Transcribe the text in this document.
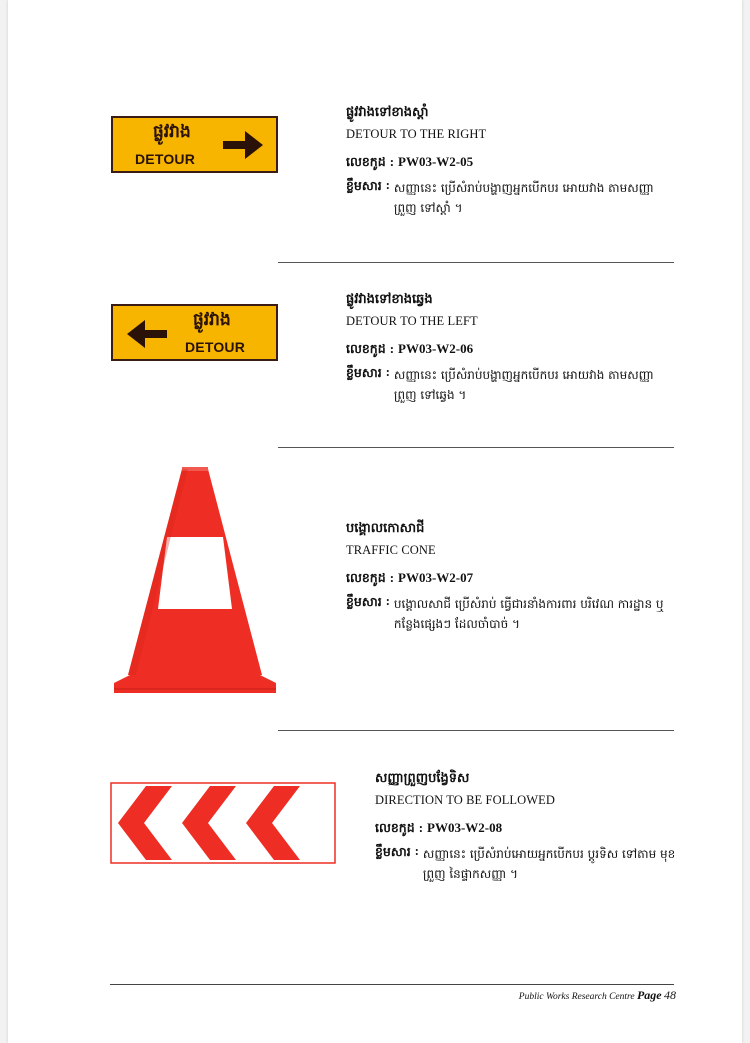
ផ្លូវវាង
DETOUR
ផ្លូវវាងទៅខាងស្តាំ
DETOUR TO THE RIGHT
លេខកូដ : PW03-W2-05
ខ្លឹមសារ : សញ្ញានេះ ប្រើសំរាប់បង្ហាញអ្នកបើកបរ អោយវាង តាមសញ្ញាព្រួញ ទៅស្តាំ ។
ផ្លូវវាង
DETOUR
ផ្លូវវាងទៅខាងឆ្វេង
DETOUR TO THE LEFT
លេខកូដ : PW03-W2-06
ខ្លឹមសារ : សញ្ញានេះ ប្រើសំរាប់បង្ហាញអ្នកបើកបរ អោយវាង តាមសញ្ញាព្រួញ ទៅឆ្វេង ។
បង្គោលកោសាជី
TRAFFIC CONE
លេខកូដ : PW03-W2-07
ខ្លឹមសារ : បង្គោលសាជី ប្រើសំរាប់ ធ្វើជារនាំងការពារ បរិវេណ ការដ្ឋាន ឬ កន្លែងផ្សេងៗ ដែលចាំបាច់ ។
សញ្ញាព្រួញបង្វែទិស
DIRECTION TO BE FOLLOWED
លេខកូដ : PW03-W2-08
ខ្លឹមសារ : សញ្ញានេះ ប្រើសំរាប់អោយអ្នកបើកបរ ប្តូរទិស ទៅតាម មុខព្រួញ នៃផ្ទាកសញ្ញា ។
Public Works Research Centre Page 48
